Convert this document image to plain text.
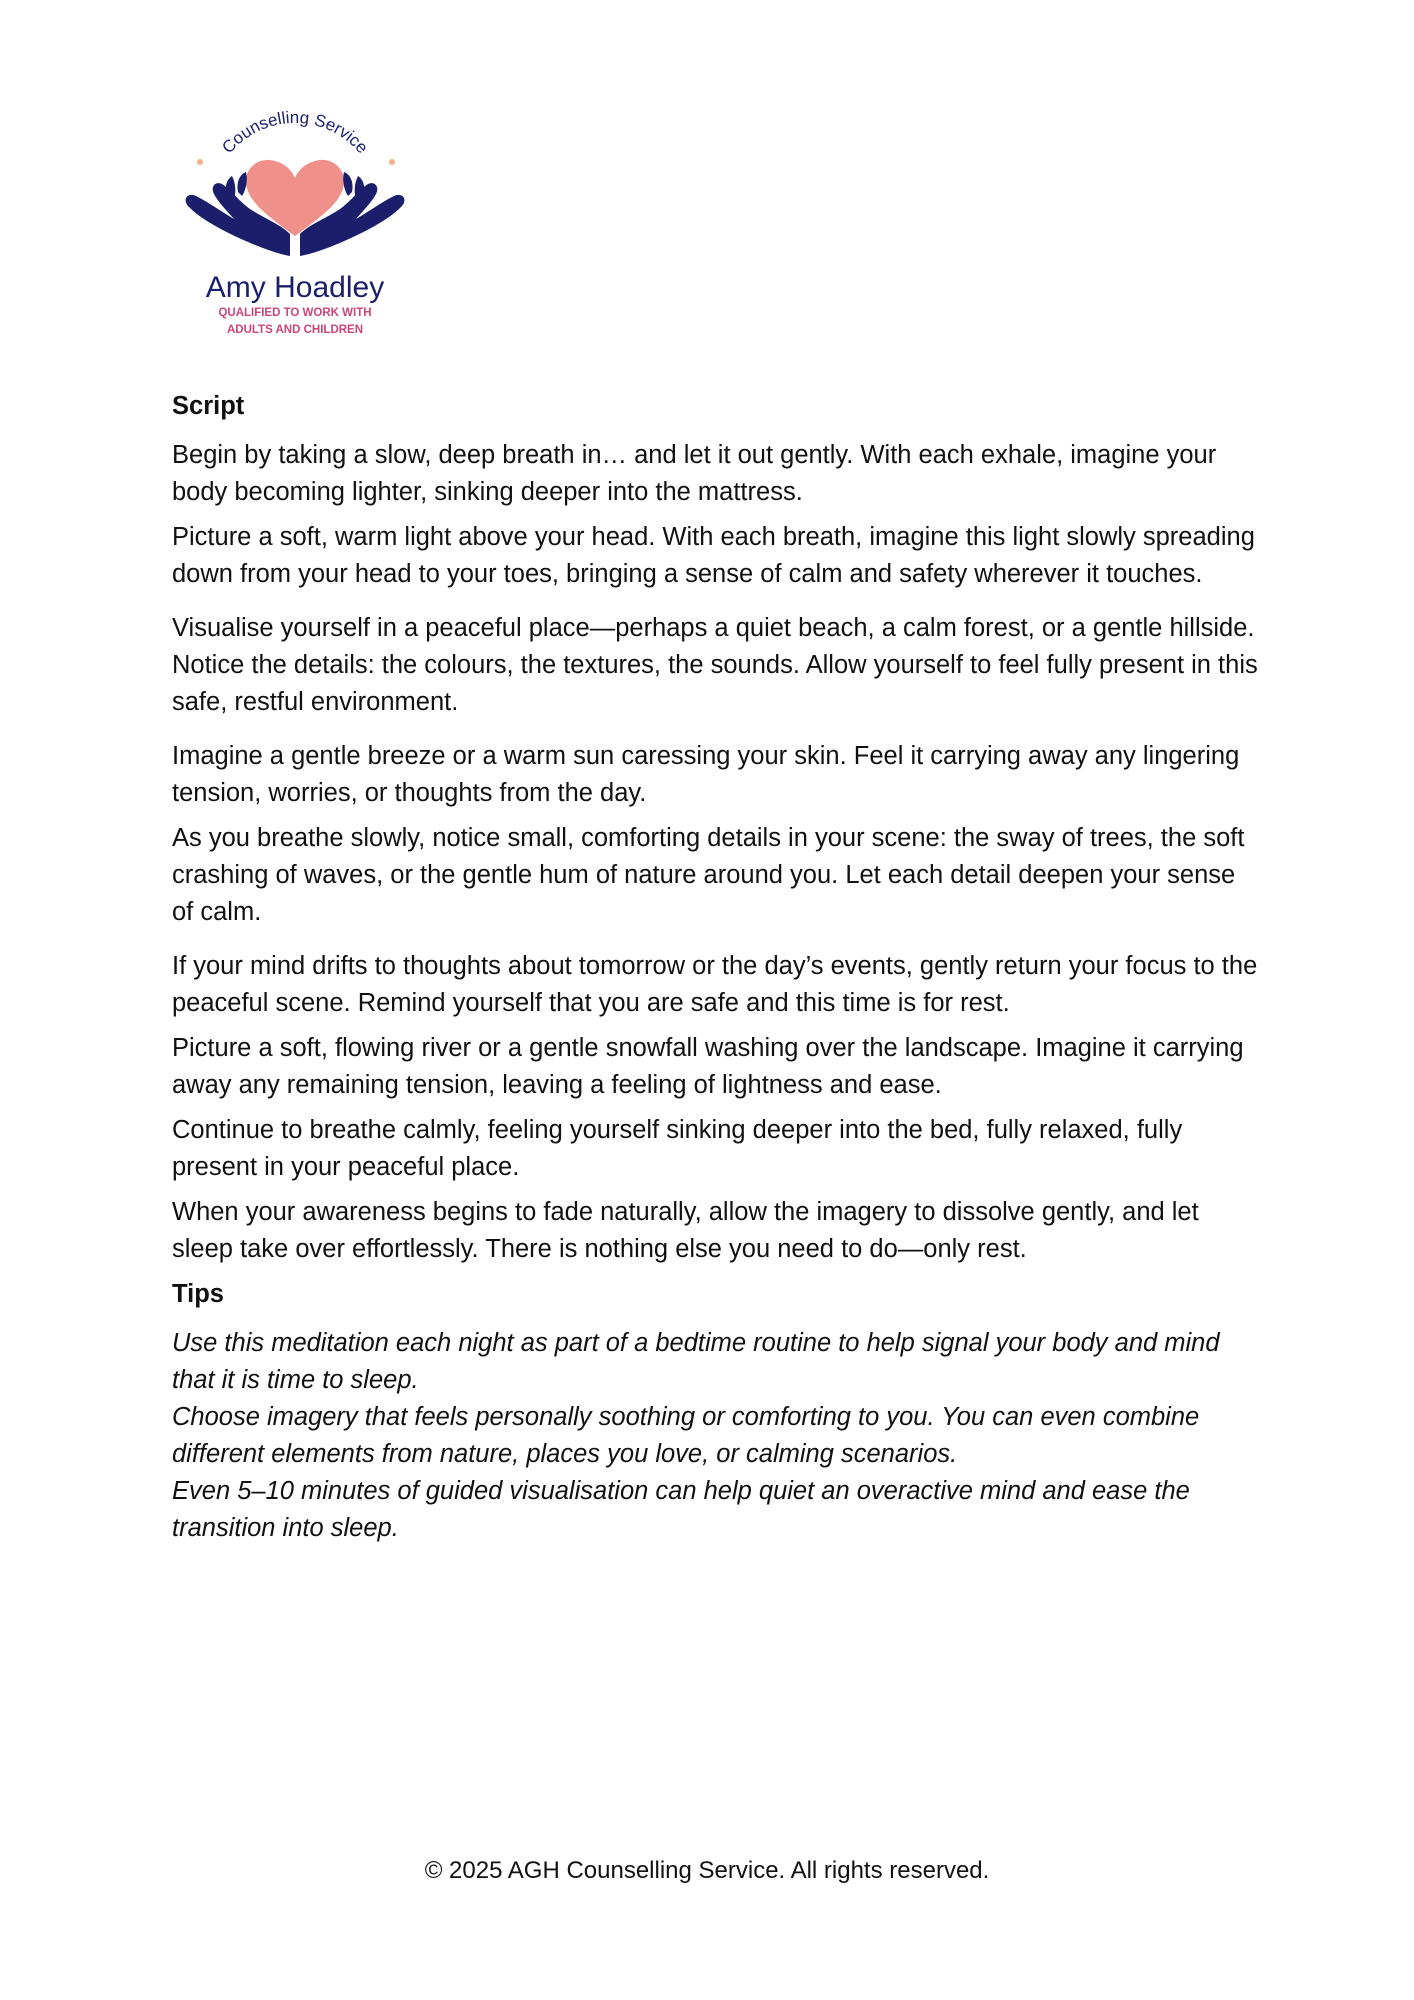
Counselling Service
Amy Hoadley
QUALIFIED TO WORK WITH
ADULTS AND CHILDREN
Script

Begin by taking a slow, deep breath in… and let it out gently. With each exhale, imagine your body becoming lighter, sinking deeper into the mattress.

Picture a soft, warm light above your head. With each breath, imagine this light slowly spreading down from your head to your toes, bringing a sense of calm and safety wherever it touches.

Visualise yourself in a peaceful place—perhaps a quiet beach, a calm forest, or a gentle hillside. Notice the details: the colours, the textures, the sounds. Allow yourself to feel fully present in this safe, restful environment.

Imagine a gentle breeze or a warm sun caressing your skin. Feel it carrying away any lingering tension, worries, or thoughts from the day.

As you breathe slowly, notice small, comforting details in your scene: the sway of trees, the soft crashing of waves, or the gentle hum of nature around you. Let each detail deepen your sense of calm.

If your mind drifts to thoughts about tomorrow or the day’s events, gently return your focus to the peaceful scene. Remind yourself that you are safe and this time is for rest.

Picture a soft, flowing river or a gentle snowfall washing over the landscape. Imagine it carrying away any remaining tension, leaving a feeling of lightness and ease.

Continue to breathe calmly, feeling yourself sinking deeper into the bed, fully relaxed, fully present in your peaceful place.

When your awareness begins to fade naturally, allow the imagery to dissolve gently, and let sleep take over effortlessly. There is nothing else you need to do—only rest.

Tips

Use this meditation each night as part of a bedtime routine to help signal your body and mind that it is time to sleep.

Choose imagery that feels personally soothing or comforting to you. You can even combine different elements from nature, places you love, or calming scenarios.

Even 5–10 minutes of guided visualisation can help quiet an overactive mind and ease the transition into sleep.

© 2025 AGH Counselling Service. All rights reserved.
